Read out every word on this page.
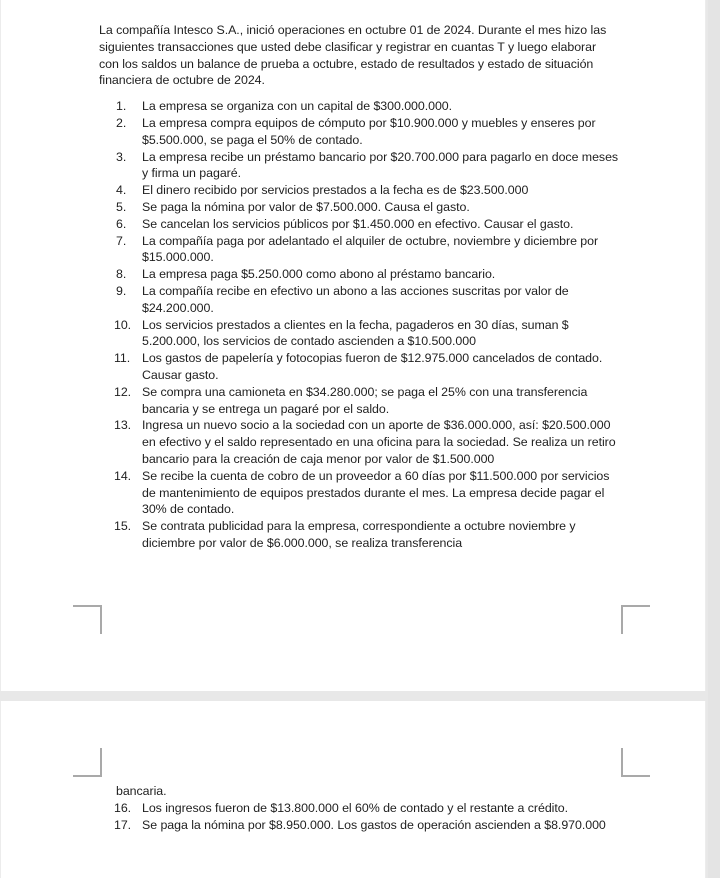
La compañía Intesco S.A., inició operaciones en octubre 01 de 2024. Durante el mes hizo las siguientes transacciones que usted debe clasificar y registrar en cuantas T y luego elaborar con los saldos un balance de prueba a octubre, estado de resultados y estado de situación financiera de octubre de 2024.

1.	La empresa se organiza con un capital de $300.000.000.
2.	La empresa compra equipos de cómputo por $10.900.000 y muebles y enseres por $5.500.000, se paga el 50% de contado.
3.	La empresa recibe un préstamo bancario por $20.700.000 para pagarlo en doce meses y firma un pagaré.
4.	El dinero recibido por servicios prestados a la fecha es de $23.500.000
5.	Se paga la nómina por valor de $7.500.000. Causa el gasto.
6.	Se cancelan los servicios públicos por $1.450.000 en efectivo. Causar el gasto.
7.	La compañía paga por adelantado el alquiler de octubre, noviembre y diciembre por $15.000.000.
8.	La empresa paga $5.250.000 como abono al préstamo bancario.
9.	La compañía recibe en efectivo un abono a las acciones suscritas por valor de $24.200.000.
10. Los servicios prestados a clientes en la fecha, pagaderos en 30 días, suman $ 5.200.000, los servicios de contado ascienden a $10.500.000
11. Los gastos de papelería y fotocopias fueron de $12.975.000 cancelados de contado. Causar gasto.
12. Se compra una camioneta en $34.280.000; se paga el 25% con una transferencia bancaria y se entrega un pagaré por el saldo.
13. Ingresa un nuevo socio a la sociedad con un aporte de $36.000.000, así: $20.500.000 en efectivo y el saldo representado en una oficina para la sociedad. Se realiza un retiro bancario para la creación de caja menor por valor de $1.500.000
14. Se recibe la cuenta de cobro de un proveedor a 60 días por $11.500.000 por servicios de mantenimiento de equipos prestados durante el mes. La empresa decide pagar el 30% de contado.
15. Se contrata publicidad para la empresa, correspondiente a octubre noviembre y diciembre por valor de $6.000.000, se realiza transferencia

bancaria.

16. Los ingresos fueron de $13.800.000 el 60% de contado y el restante a crédito.
17. Se paga la nómina por $8.950.000. Los gastos de operación ascienden a $8.970.000
